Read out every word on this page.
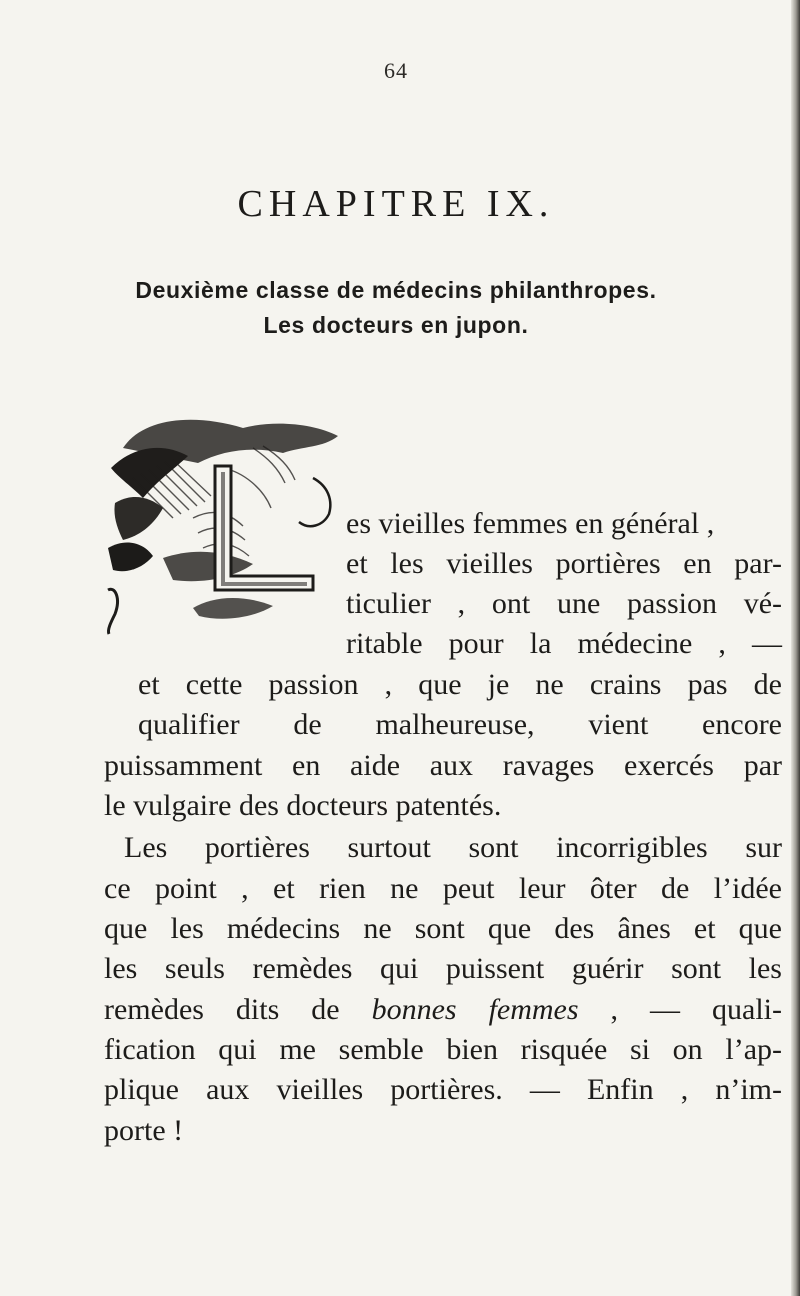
64
CHAPITRE IX.
Deuxième classe de médecins philanthropes.
Les docteurs en jupon.
es vieilles femmes en général ,
et les vieilles portières en par-
ticulier , ont une passion vé-
ritable pour la médecine , —
et cette passion , que je ne crains pas de
qualifier de malheureuse, vient encore
puissamment en aide aux ravages exercés par
le vulgaire des docteurs patentés.
Les portières surtout sont incorrigibles sur
ce point , et rien ne peut leur ôter de l’idée
que les médecins ne sont que des ânes et que
les seuls remèdes qui puissent guérir sont les
remèdes dits de bonnes femmes , — quali-
fication qui me semble bien risquée si on l’ap-
plique aux vieilles portières. — Enfin , n’im-
porte !
